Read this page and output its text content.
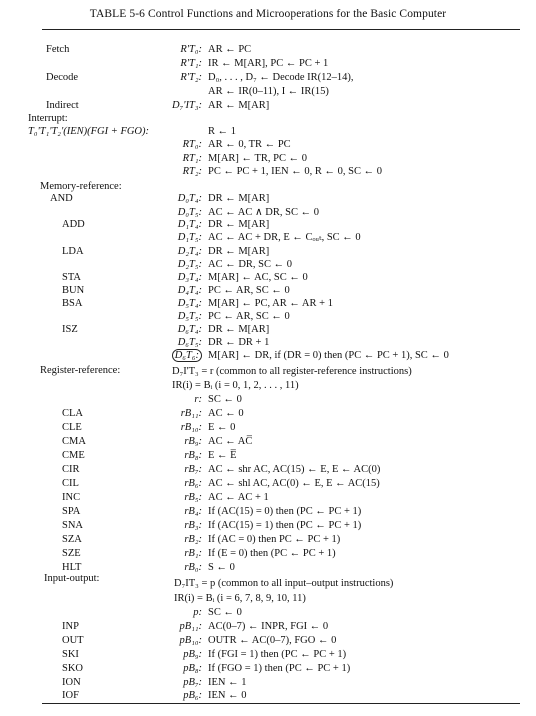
TABLE 5-6 Control Functions and Microoperations for the Basic Computer
Fetch	R'T₀: AR ← PC
R'T₁: IR ← M[AR], PC ← PC + 1
Decode	R'T₂: D₀, . . . , D₇ ← Decode IR(12–14),
AR ← IR(0–11), I ← IR(15)
Indirect	D₇'IT₃: AR ← M[AR]
Interrupt:
T₀'T₁'T₂'(IEN)(FGI + FGO):	R ← 1
RT₀: AR ← 0, TR ← PC
RT₁: M[AR] ← TR, PC ← 0
RT₂: PC ← PC + 1, IEN ← 0, R ← 0, SC ← 0
Memory-reference:
AND	D₀T₄: DR ← M[AR]
D₀T₅: AC ← AC ∧ DR, SC ← 0
ADD	D₁T₄: DR ← M[AR]
D₁T₅: AC ← AC + DR, E ← Cₒᵤₜ, SC ← 0
LDA	D₂T₄: DR ← M[AR]
D₂T₅: AC ← DR, SC ← 0
STA	D₃T₄: M[AR] ← AC, SC ← 0
BUN	D₄T₄: PC ← AR, SC ← 0
BSA	D₅T₄: M[AR] ← PC, AR ← AR + 1
D₅T₅: PC ← AR, SC ← 0
ISZ	D₆T₄: DR ← M[AR]
D₆T₅: DR ← DR + 1
D₆T₆: M[AR] ← DR, if (DR = 0) then (PC ← PC + 1), SC ← 0
Register-reference:	D₇I'T₃ = r (common to all register-reference instructions)
IR(i) = Bᵢ (i = 0, 1, 2, . . . , 11)
r: SC ← 0
CLA	rB₁₁: AC ← 0
CLE	rB₁₀: E ← 0
CMA	rB₉: AC ← AC̅
CME	rB₈: E ← E̅
CIR	rB₇: AC ← shr AC, AC(15) ← E, E ← AC(0)
CIL	rB₆: AC ← shl AC, AC(0) ← E, E ← AC(15)
INC	rB₅: AC ← AC + 1
SPA	rB₄: If (AC(15) = 0) then (PC ← PC + 1)
SNA	rB₃: If (AC(15) = 1) then (PC ← PC + 1)
SZA	rB₂: If (AC = 0) then PC ← PC + 1)
SZE	rB₁: If (E = 0) then (PC ← PC + 1)
HLT	rB₀: S ← 0
Input-output:	D₇IT₃ = p (common to all input–output instructions)
IR(i) = Bᵢ (i = 6, 7, 8, 9, 10, 11)
p: SC ← 0
INP	pB₁₁: AC(0–7) ← INPR, FGI ← 0
OUT	pB₁₀: OUTR ← AC(0–7), FGO ← 0
SKI	pB₉: If (FGI = 1) then (PC ← PC + 1)
SKO	pB₈: If (FGO = 1) then (PC ← PC + 1)
ION	pB₇: IEN ← 1
IOF	pB₆: IEN ← 0
